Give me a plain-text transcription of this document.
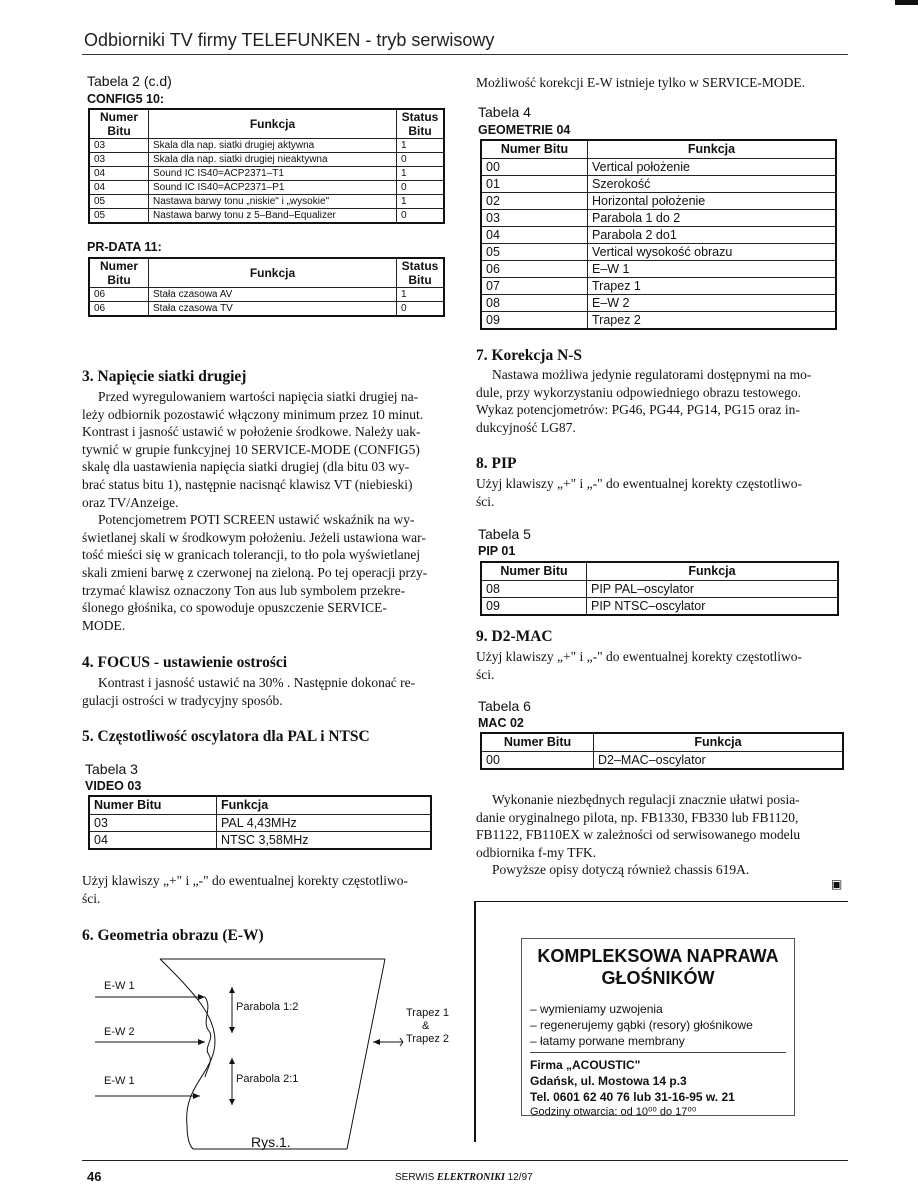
Odbiorniki TV firmy TELEFUNKEN - tryb serwisowy
Tabela 2 (c.d)
CONFIG5 10:
Numer Bitu	Funkcja	Status Bitu
03	Skala dla nap. siatki drugiej aktywna	1
03	Skala dla nap. siatki drugiej nieaktywna	0
04	Sound IC IS40=ACP2371–T1	1
04	Sound IC IS40=ACP2371–P1	0
05	Nastawa barwy tonu „niskie" i „wysokie"	1
05	Nastawa barwy tonu z 5–Band–Equalizer	0
PR-DATA 11:
Numer Bitu	Funkcja	Status Bitu
06	Stała czasowa AV	1
06	Stała czasowa TV	0
3. Napięcie siatki drugiej
Przed wyregulowaniem wartości napięcia siatki drugiej na-
leży odbiornik pozostawić włączony minimum przez 10 minut.
Kontrast i jasność ustawić w położenie środkowe. Należy uak-
tywnić w grupie funkcyjnej 10 SERVICE-MODE (CONFIG5)
skalę dla uastawienia napięcia siatki drugiej (dla bitu 03 wy-
brać status bitu 1), następnie nacisnąć klawisz VT (niebieski)
oraz TV/Anzeige.
Potencjometrem POTI SCREEN ustawić wskaźnik na wy-
świetlanej skali w środkowym położeniu. Jeżeli ustawiona war-
tość mieści się w granicach tolerancji, to tło pola wyświetlanej
skali zmieni barwę z czerwonej na zieloną. Po tej operacji przy-
trzymać klawisz oznaczony Ton aus lub symbolem przekre-
ślonego głośnika, co spowoduje opuszczenie SERVICE-
MODE.
4. FOCUS - ustawienie ostrości
Kontrast i jasność ustawić na 30% . Następnie dokonać re-
gulacji ostrości w tradycyjny sposób.
5. Częstotliwość oscylatora dla PAL i NTSC
Tabela 3
VIDEO 03
Numer Bitu	Funkcja
03	PAL 4,43MHz
04	NTSC 3,58MHz
Użyj klawiszy „+" i „-" do ewentualnej korekty częstotliwo-
ści.
6. Geometria obrazu (E-W)
E-W 1
E-W 2
E-W 1
Parabola 1:2
Parabola 2:1
Trapez 1
&
Trapez 2
Rys.1.
Możliwość korekcji E-W istnieje tylko w SERVICE-MODE.
Tabela 4
GEOMETRIE 04
Numer Bitu	Funkcja
00	Vertical położenie
01	Szerokość
02	Horizontal położenie
03	Parabola 1 do 2
04	Parabola 2 do1
05	Vertical wysokość obrazu
06	E–W 1
07	Trapez 1
08	E–W 2
09	Trapez 2
7. Korekcja N-S
Nastawa możliwa jedynie regulatorami dostępnymi na mo-
dule, przy wykorzystaniu odpowiedniego obrazu testowego.
Wykaz potencjometrów: PG46, PG44, PG14, PG15 oraz in-
dukcyjność LG87.
8. PIP
Użyj klawiszy „+" i „-" do ewentualnej korekty częstotliwo-
ści.
Tabela 5
PIP 01
Numer Bitu	Funkcja
08	PIP PAL–oscylator
09	PIP NTSC–oscylator
9. D2-MAC
Użyj klawiszy „+" i „-" do ewentualnej korekty częstotliwo-
ści.
Tabela 6
MAC 02
Numer Bitu	Funkcja
00	D2–MAC–oscylator
Wykonanie niezbędnych regulacji znacznie ułatwi posia-
danie oryginalnego pilota, np. FB1330, FB330 lub FB1120,
FB1122, FB110EX w zależności od serwisowanego modelu
odbiornika f-my TFK.
Powyższe opisy dotyczą również chassis 619A.
▣
KOMPLEKSOWA NAPRAWA
GŁOŚNIKÓW
– wymieniamy uzwojenia
– regenerujemy gąbki (resory) głośnikowe
– łatamy porwane membrany
Firma „ACOUSTIC"
Gdańsk, ul. Mostowa 14 p.3
Tel. 0601 62 40 76 lub 31-16-95 w. 21
Godziny otwarcia: od 10⁰⁰ do 17⁰⁰
46	SERWIS ELEKTRONIKI 12/97
